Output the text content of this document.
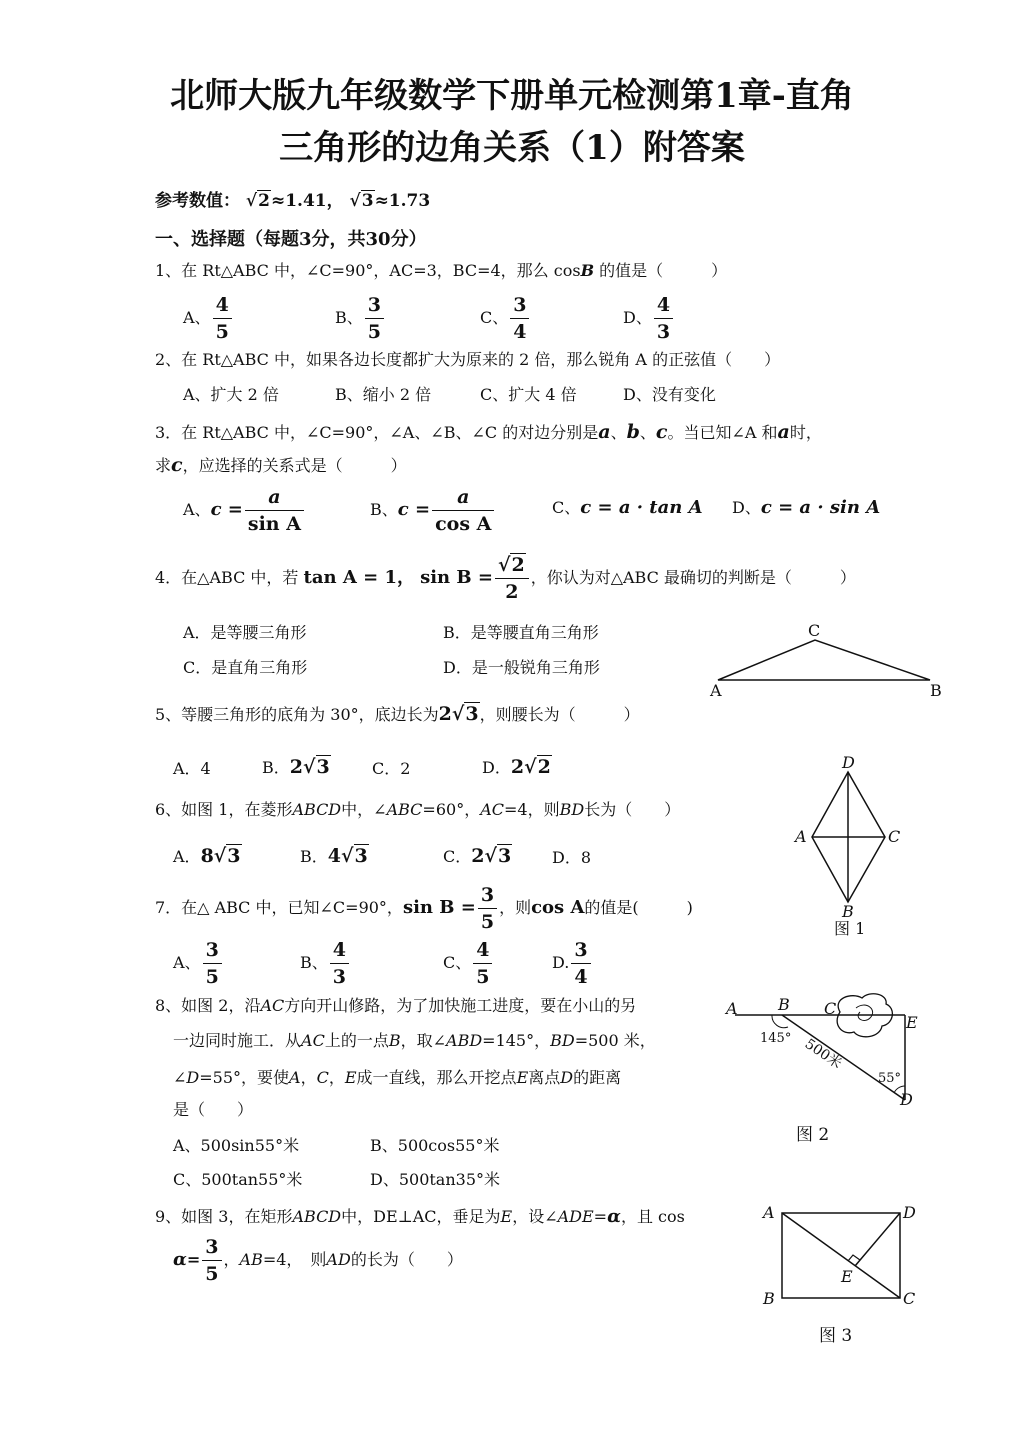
北师大版九年级数学下册单元检测第1章-直角
三角形的边角关系（1）附答案
参考数值： √2≈1.41， √3≈1.73
一、选择题（每题3分，共30分）
1、在 Rt△ABC 中，∠C=90°，AC=3，BC=4，那么 cosB 的值是（　　　）
A、 $\frac{4}{5}$	B、 $\frac{3}{5}$	C、 $\frac{3}{4}$	D、 $\frac{4}{3}$
2、在 Rt△ABC 中，如果各边长度都扩大为原来的 2 倍，那么锐角 A 的正弦值（　　）
A、扩大 2 倍	B、缩小 2 倍	C、扩大 4 倍	D、没有变化
3．在 Rt△ABC 中，∠C=90°，∠A、∠B、∠C 的对边分别是a、b、c。当已知∠A 和a时，
求c，应选择的关系式是（　　　）
A、$c = \frac{a}{\text{sin A}}$	B、$c = \frac{a}{\text{cos A}}$	C、c = a · tan A D、c = a · sin A
4．在△ABC 中，若 tan A = 1， $\sin B = \frac{√2}{2}$ ，你认为对△ABC 最确切的判断是（　　　）
A．是等腰三角形	B．是等腰直角三角形
C．是直角三角形	D．是一般锐角三角形
C
A	B
5、等腰三角形的底角为 30°，底边长为2√3，则腰长为（　　　）
A．4	B．2√3	C．2	D．2√2	D
A	C
B
图 1
6、如图 1，在菱形ABCD中，∠ABC=60°，AC=4，则BD长为（　　）
A．8√3	B．4√3	C．2√3	D．8
7．在△ ABC 中，已知∠C=90°，$\sin B = \frac{3}{5}$ ，则cos A的值是(　　　)
A、 $\frac{3}{5}$	B、 $\frac{4}{3}$	C、 $\frac{4}{5}$	D. $\frac{3}{4}$
8、如图 2，沿AC方向开山修路，为了加快施工进度，要在小山的另
一边同时施工．从AC上的一点B，取∠ABD=145°，BD=500 米，
∠D=55°，要使A，C，E成一直线，那么开挖点E离点D的距离
是（　　）
A、500sin55°米	B、500cos55°米
C、500tan55°米	D、500tan35°米
A	B C
E
D
145°
55°
500米
图 2
9、如图 3，在矩形ABCD中，DE⊥AC，垂足为E，设∠ADE=α，且 cos
$\alpha= \frac{3}{5}$ ，AB=4，　则AD的长为（　　）
A	D
B	C
E
图 3
